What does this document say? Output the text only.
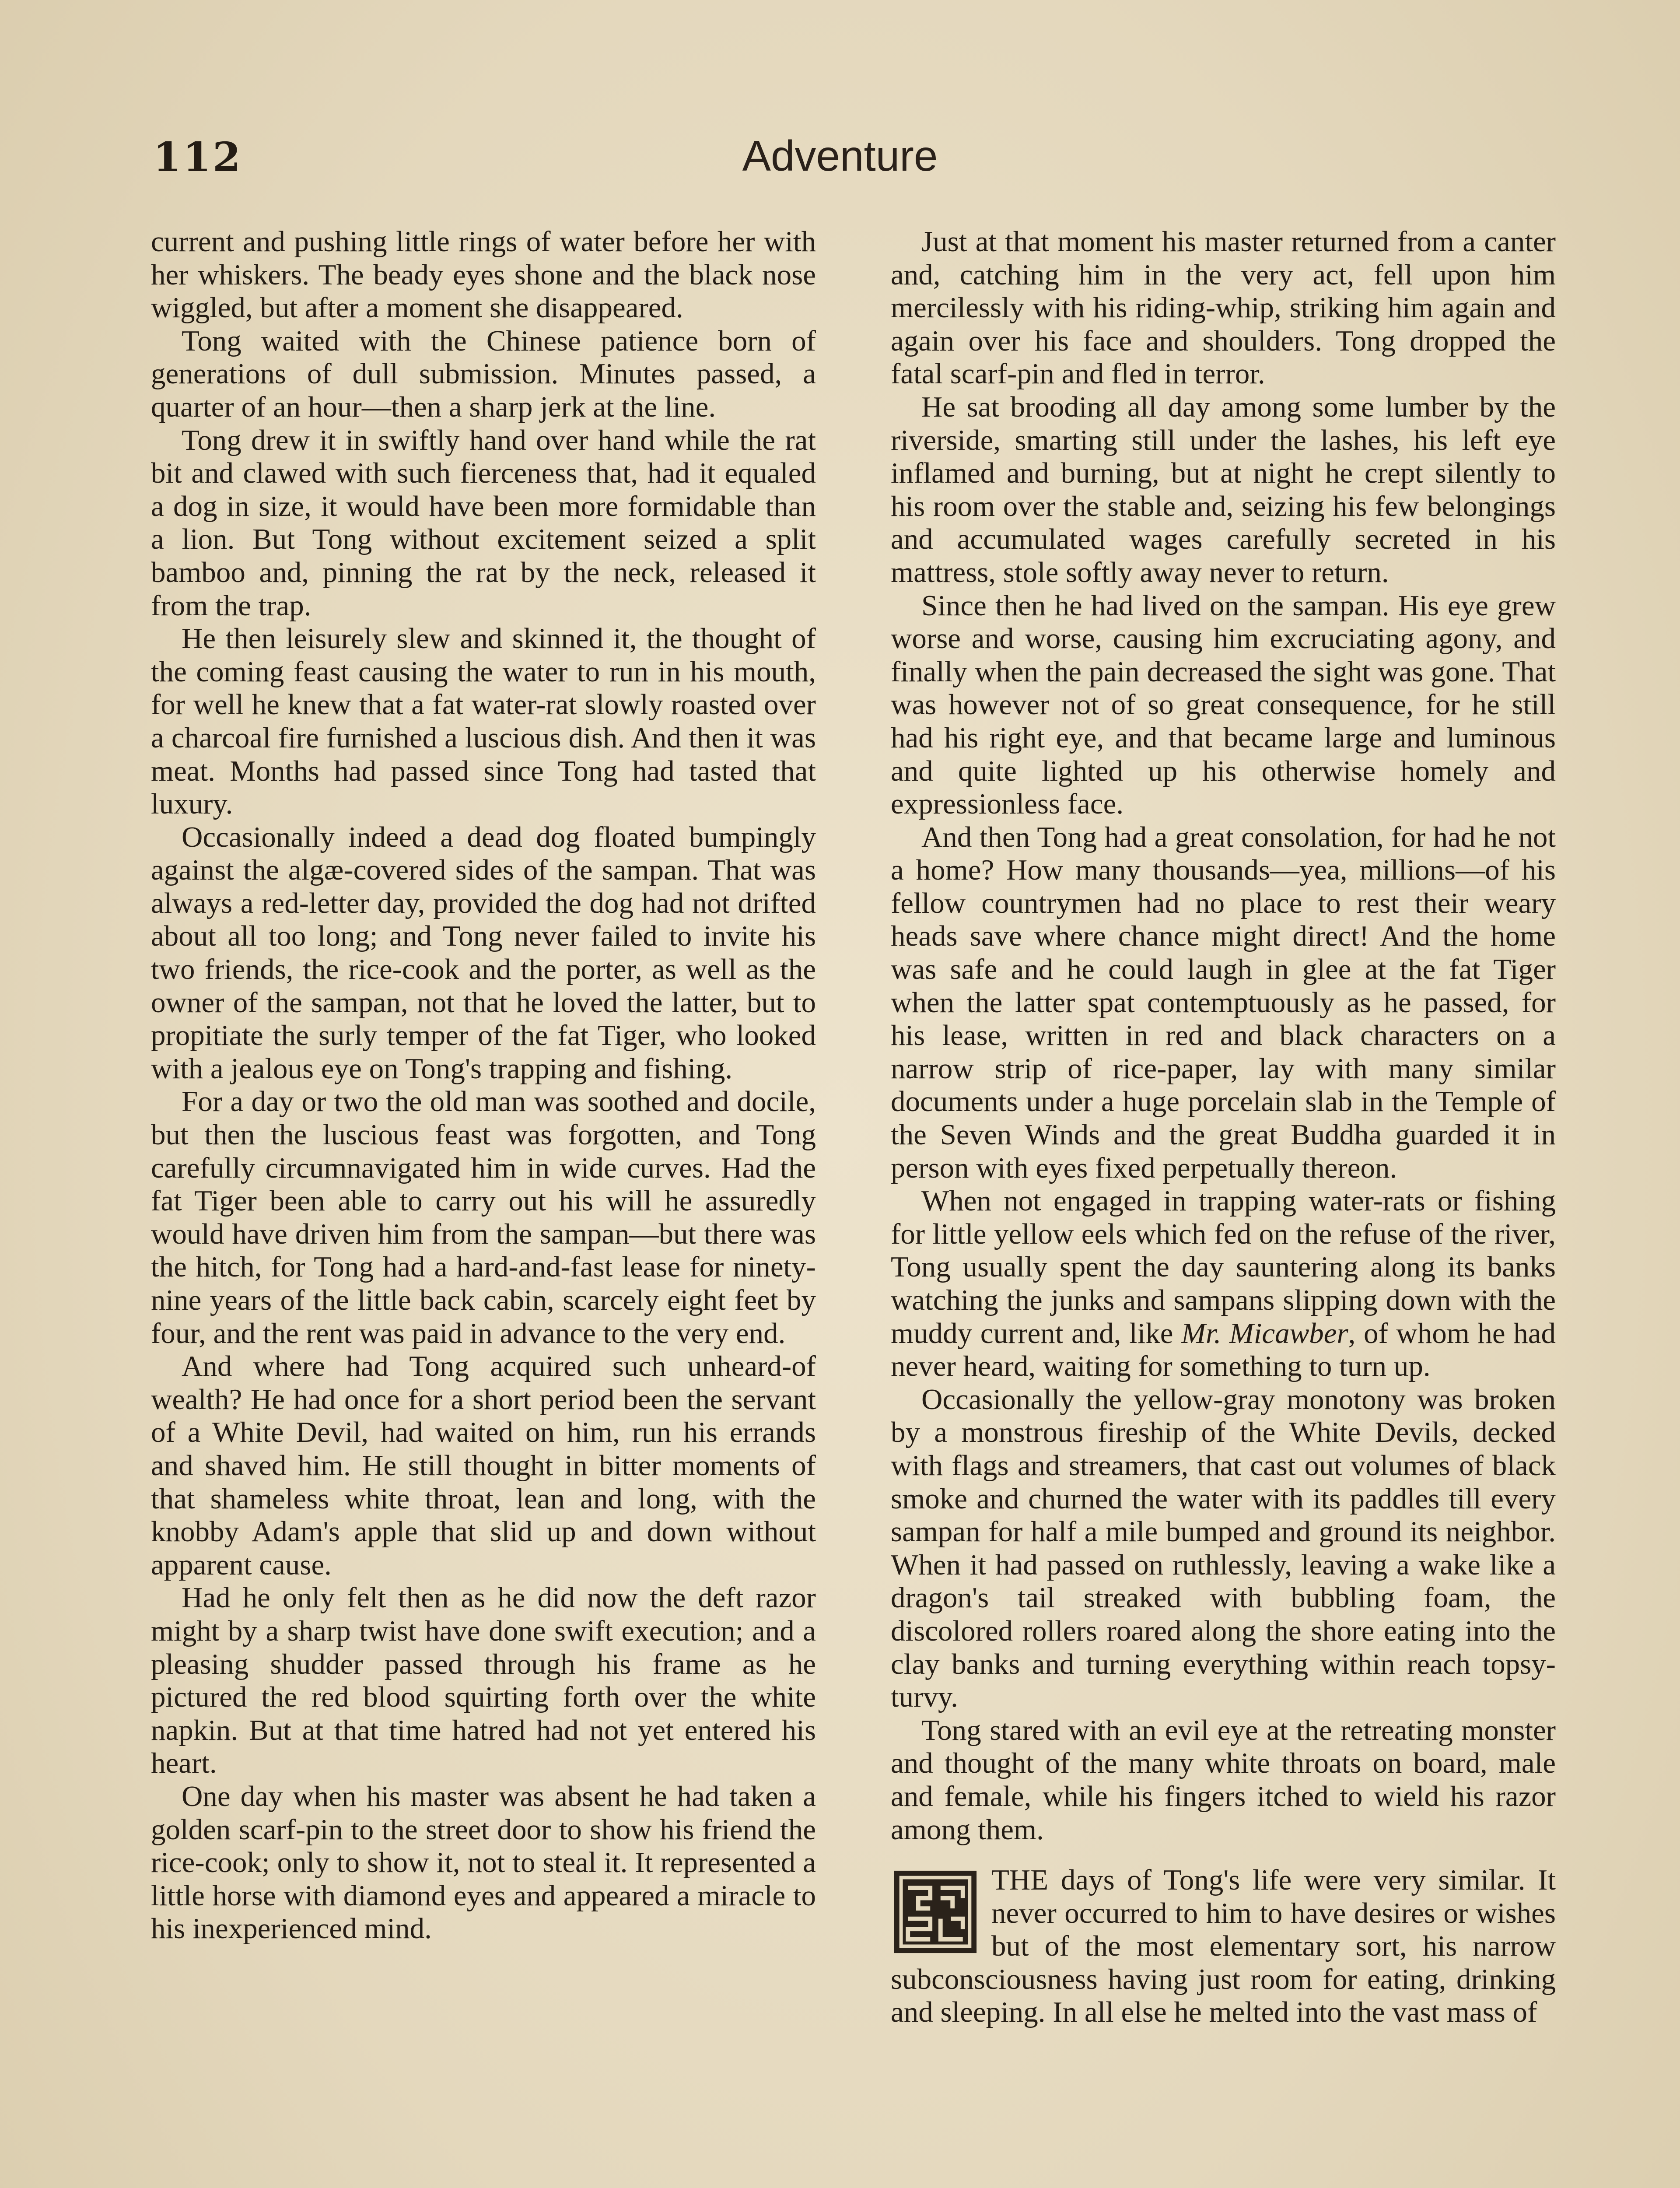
112	Adventure

current and pushing little rings of water before her with her whiskers. The beady eyes shone and the black nose wiggled, but after a moment she disappeared.

Tong waited with the Chinese patience born of generations of dull submission. Minutes passed, a quarter of an hour—then a sharp jerk at the line.

Tong drew it in swiftly hand over hand while the rat bit and clawed with such fierceness that, had it equaled a dog in size, it would have been more formidable than a lion. But Tong without excitement seized a split bamboo and, pinning the rat by the neck, released it from the trap.

He then leisurely slew and skinned it, the thought of the coming feast causing the water to run in his mouth, for well he knew that a fat water-rat slowly roasted over a charcoal fire furnished a luscious dish. And then it was meat. Months had passed since Tong had tasted that luxury.

Occasionally indeed a dead dog floated bumpingly against the algæ-covered sides of the sampan. That was always a red-letter day, provided the dog had not drifted about all too long; and Tong never failed to invite his two friends, the rice-cook and the porter, as well as the owner of the sampan, not that he loved the latter, but to propitiate the surly temper of the fat Tiger, who looked with a jealous eye on Tong's trapping and fishing.

For a day or two the old man was soothed and docile, but then the luscious feast was forgotten, and Tong carefully circumnavigated him in wide curves. Had the fat Tiger been able to carry out his will he assuredly would have driven him from the sampan—but there was the hitch, for Tong had a hard-and-fast lease for ninety-nine years of the little back cabin, scarcely eight feet by four, and the rent was paid in advance to the very end.

And where had Tong acquired such unheard-of wealth? He had once for a short period been the servant of a White Devil, had waited on him, run his errands and shaved him. He still thought in bitter moments of that shameless white throat, lean and long, with the knobby Adam's apple that slid up and down without apparent cause.

Had he only felt then as he did now the deft razor might by a sharp twist have done swift execution; and a pleasing shudder passed through his frame as he pictured the red blood squirting forth over the white napkin. But at that time hatred had not yet entered his heart.

One day when his master was absent he had taken a golden scarf-pin to the street door to show his friend the rice-cook; only to show it, not to steal it. It represented a little horse with diamond eyes and appeared a miracle to his inexperienced mind.

Just at that moment his master returned from a canter and, catching him in the very act, fell upon him mercilessly with his riding-whip, striking him again and again over his face and shoulders. Tong dropped the fatal scarf-pin and fled in terror.

He sat brooding all day among some lumber by the riverside, smarting still under the lashes, his left eye inflamed and burning, but at night he crept silently to his room over the stable and, seizing his few belongings and accumulated wages carefully secreted in his mattress, stole softly away never to return.

Since then he had lived on the sampan. His eye grew worse and worse, causing him excruciating agony, and finally when the pain decreased the sight was gone. That was however not of so great consequence, for he still had his right eye, and that became large and luminous and quite lighted up his otherwise homely and expressionless face.

And then Tong had a great consolation, for had he not a home? How many thousands—yea, millions—of his fellow countrymen had no place to rest their weary heads save where chance might direct! And the home was safe and he could laugh in glee at the fat Tiger when the latter spat contemptuously as he passed, for his lease, written in red and black characters on a narrow strip of rice-paper, lay with many similar documents under a huge porcelain slab in the Temple of the Seven Winds and the great Buddha guarded it in person with eyes fixed perpetually thereon.

When not engaged in trapping water-rats or fishing for little yellow eels which fed on the refuse of the river, Tong usually spent the day sauntering along its banks watching the junks and sampans slipping down with the muddy current and, like Mr. Micawber, of whom he had never heard, waiting for something to turn up.

Occasionally the yellow-gray monotony was broken by a monstrous fireship of the White Devils, decked with flags and streamers, that cast out volumes of black smoke and churned the water with its paddles till every sampan for half a mile bumped and ground its neighbor. When it had passed on ruthlessly, leaving a wake like a dragon's tail streaked with bubbling foam, the discolored rollers roared along the shore eating into the clay banks and turning everything within reach topsy-turvy.

Tong stared with an evil eye at the retreating monster and thought of the many white throats on board, male and female, while his fingers itched to wield his razor among them.

THE days of Tong's life were very similar. It never occurred to him to have desires or wishes but of the most elementary sort, his narrow subconsciousness having just room for eating, drinking and sleeping. In all else he melted into the vast mass of
